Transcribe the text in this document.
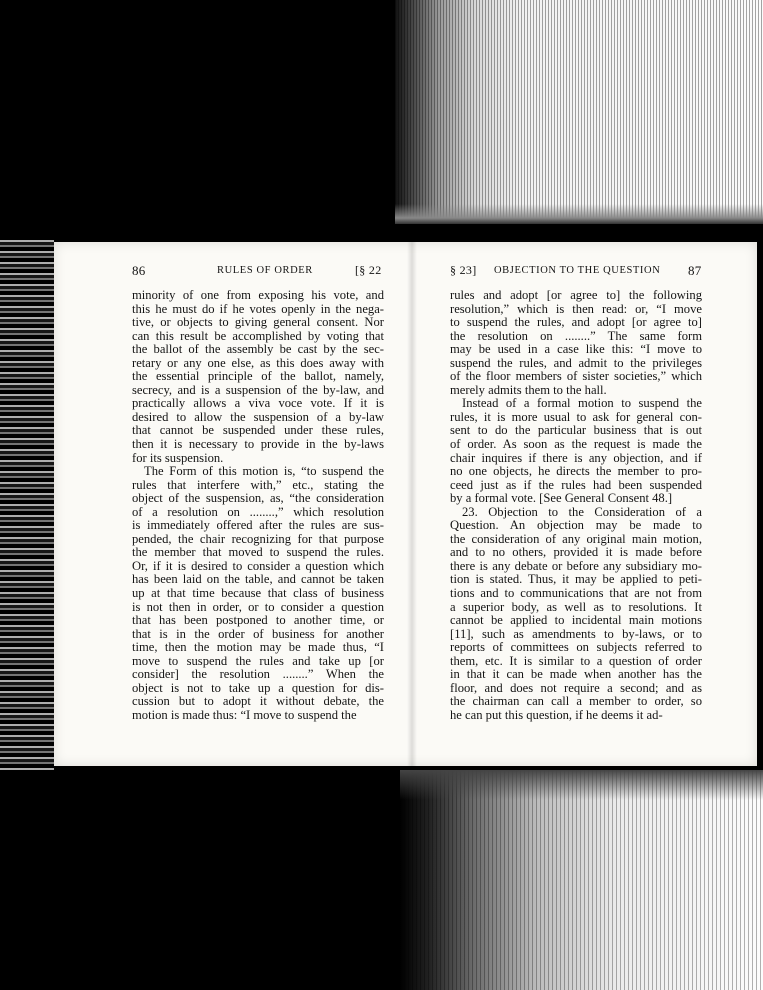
86	RULES OF ORDER	[§ 22
minority of one from exposing his vote, and
this he must do if he votes openly in the nega-
tive, or objects to giving general consent. Nor
can this result be accomplished by voting that
the ballot of the assembly be cast by the sec-
retary or any one else, as this does away with
the essential principle of the ballot, namely,
secrecy, and is a suspension of the by-law, and
practically allows a viva voce vote. If it is
desired to allow the suspension of a by-law
that cannot be suspended under these rules,
then it is necessary to provide in the by-laws
for its suspension.
The Form of this motion is, “to suspend the
rules that interfere with,” etc., stating the
object of the suspension, as, “the consideration
of a resolution on ........,” which resolution
is immediately offered after the rules are sus-
pended, the chair recognizing for that purpose
the member that moved to suspend the rules.
Or, if it is desired to consider a question which
has been laid on the table, and cannot be taken
up at that time because that class of business
is not then in order, or to consider a question
that has been postponed to another time, or
that is in the order of business for another
time, then the motion may be made thus, “I
move to suspend the rules and take up [or
consider] the resolution ........” When the
object is not to take up a question for dis-
cussion but to adopt it without debate, the
motion is made thus: “I move to suspend the
§ 23] OBJECTION TO THE QUESTION 87
rules and adopt [or agree to] the following
resolution,” which is then read: or, “I move
to suspend the rules, and adopt [or agree to]
the resolution on ........” The same form
may be used in a case like this: “I move to
suspend the rules, and admit to the privileges
of the floor members of sister societies,” which
merely admits them to the hall.
Instead of a formal motion to suspend the
rules, it is more usual to ask for general con-
sent to do the particular business that is out
of order. As soon as the request is made the
chair inquires if there is any objection, and if
no one objects, he directs the member to pro-
ceed just as if the rules had been suspended
by a formal vote. [See General Consent 48.]
23. Objection to the Consideration of a
Question. An objection may be made to
the consideration of any original main motion,
and to no others, provided it is made before
there is any debate or before any subsidiary mo-
tion is stated. Thus, it may be applied to peti-
tions and to communications that are not from
a superior body, as well as to resolutions. It
cannot be applied to incidental main motions
[11], such as amendments to by-laws, or to
reports of committees on subjects referred to
them, etc. It is similar to a question of order
in that it can be made when another has the
floor, and does not require a second; and as
the chairman can call a member to order, so
he can put this question, if he deems it ad-
